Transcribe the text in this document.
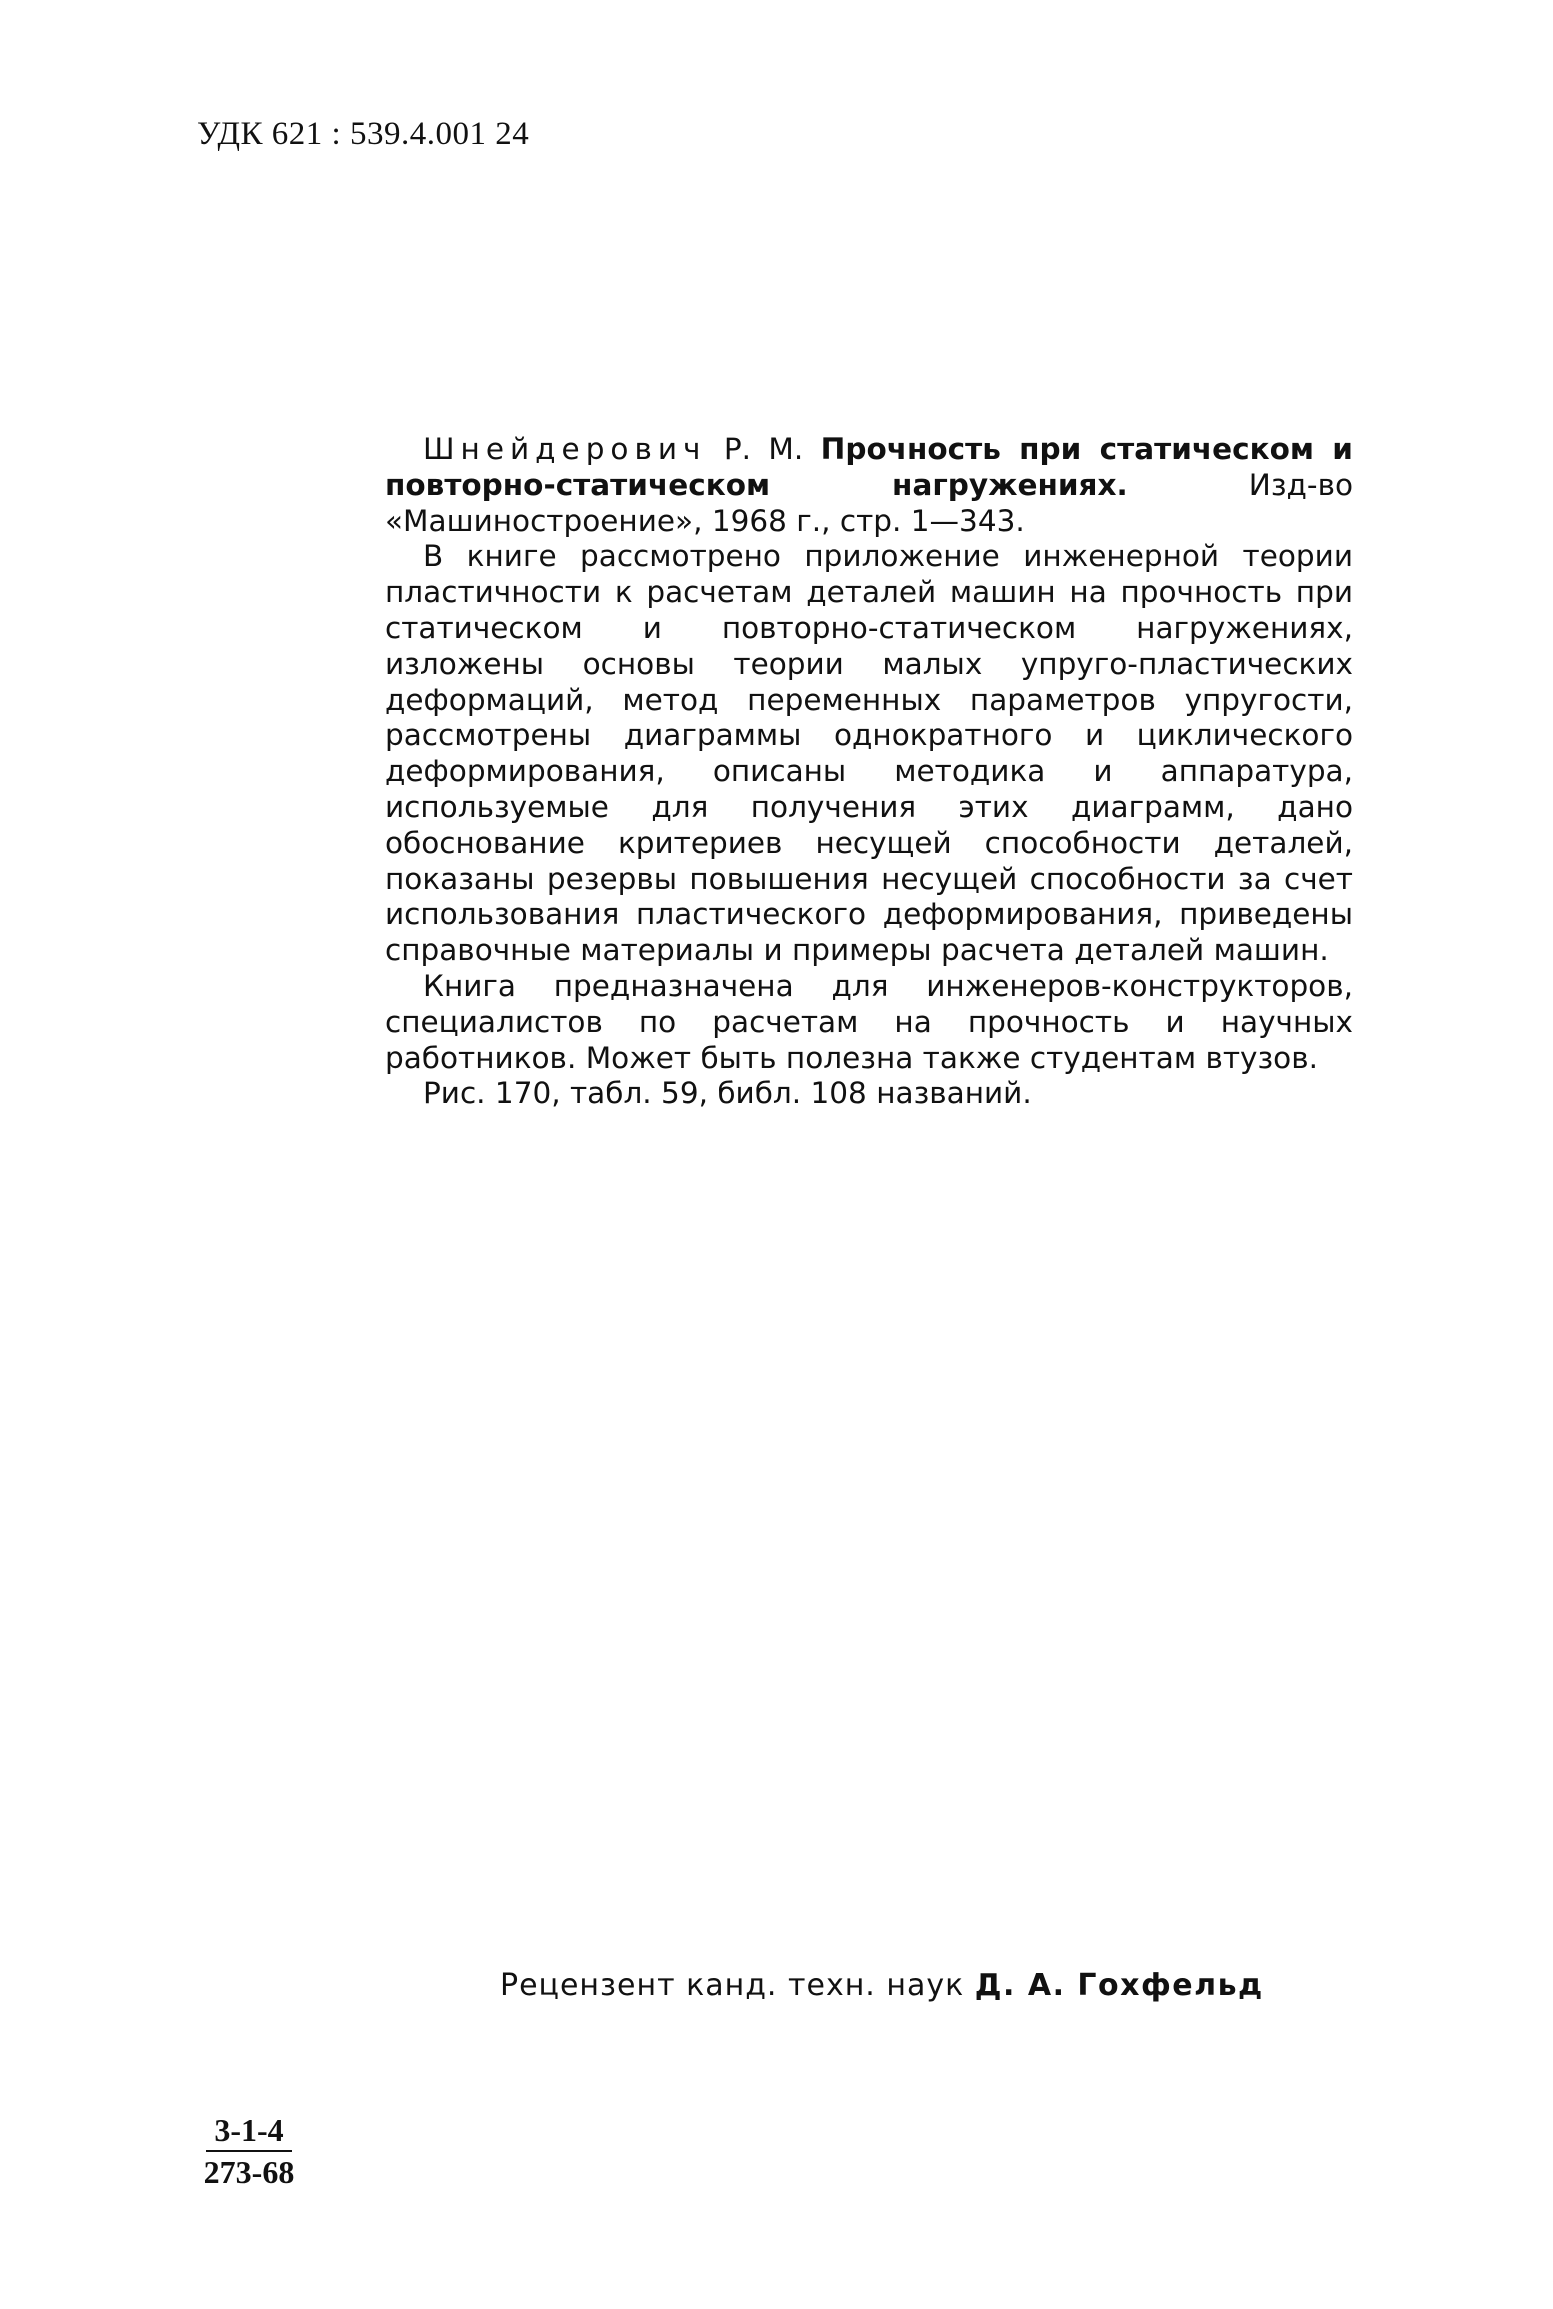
УДК 621 : 539.4.001 24

Шнейдерович Р. М. Прочность при статическом и повторно-статическом нагружениях. Изд-во «Машиностроение», 1968 г., стр. 1—343.

В книге рассмотрено приложение инженерной теории пластичности к расчетам деталей машин на прочность при статическом и повторно-статическом нагружениях, изложены основы теории малых упруго-пластических деформаций, метод переменных параметров упругости, рассмотрены диаграммы однократного и циклического деформирования, описаны методика и аппаратура, используемые для получения этих диаграмм, дано обоснование критериев несущей способности деталей, показаны резервы повышения несущей способности за счет использования пластического деформирования, приведены справочные материалы и примеры расчета деталей машин.

Книга предназначена для инженеров-конструкторов, специалистов по расчетам на прочность и научных работников. Может быть полезна также студентам втузов.

Рис. 170, табл. 59, библ. 108 названий.

Рецензент канд. техн. наук Д. А. Гохфельд
$\frac{3-1-4}{273-68}$
